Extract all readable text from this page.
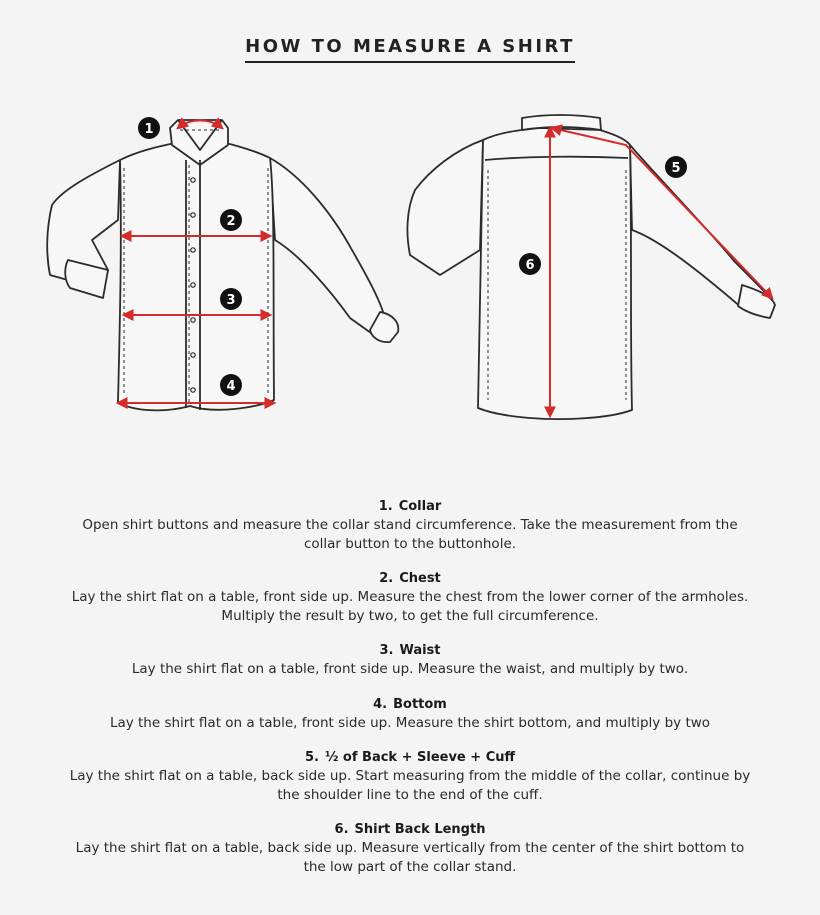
HOW TO MEASURE A SHIRT
1
2
3
4
5
6
1. Collar
Open shirt buttons and measure the collar stand circumference. Take the measurement from the collar button to the buttonhole.
2. Chest
Lay the shirt flat on a table, front side up. Measure the chest from the lower corner of the armholes. Multiply the result by two, to get the full circumference.
3. Waist
Lay the shirt flat on a table, front side up. Measure the waist, and multiply by two.
4. Bottom
Lay the shirt flat on a table, front side up. Measure the shirt bottom, and multiply by two
5. ½ of Back + Sleeve + Cuff
Lay the shirt flat on a table, back side up. Start measuring from the middle of the collar, continue by the shoulder line to the end of the cuff.
6. Shirt Back Length
Lay the shirt flat on a table, back side up. Measure vertically from the center of the shirt bottom to the low part of the collar stand.
